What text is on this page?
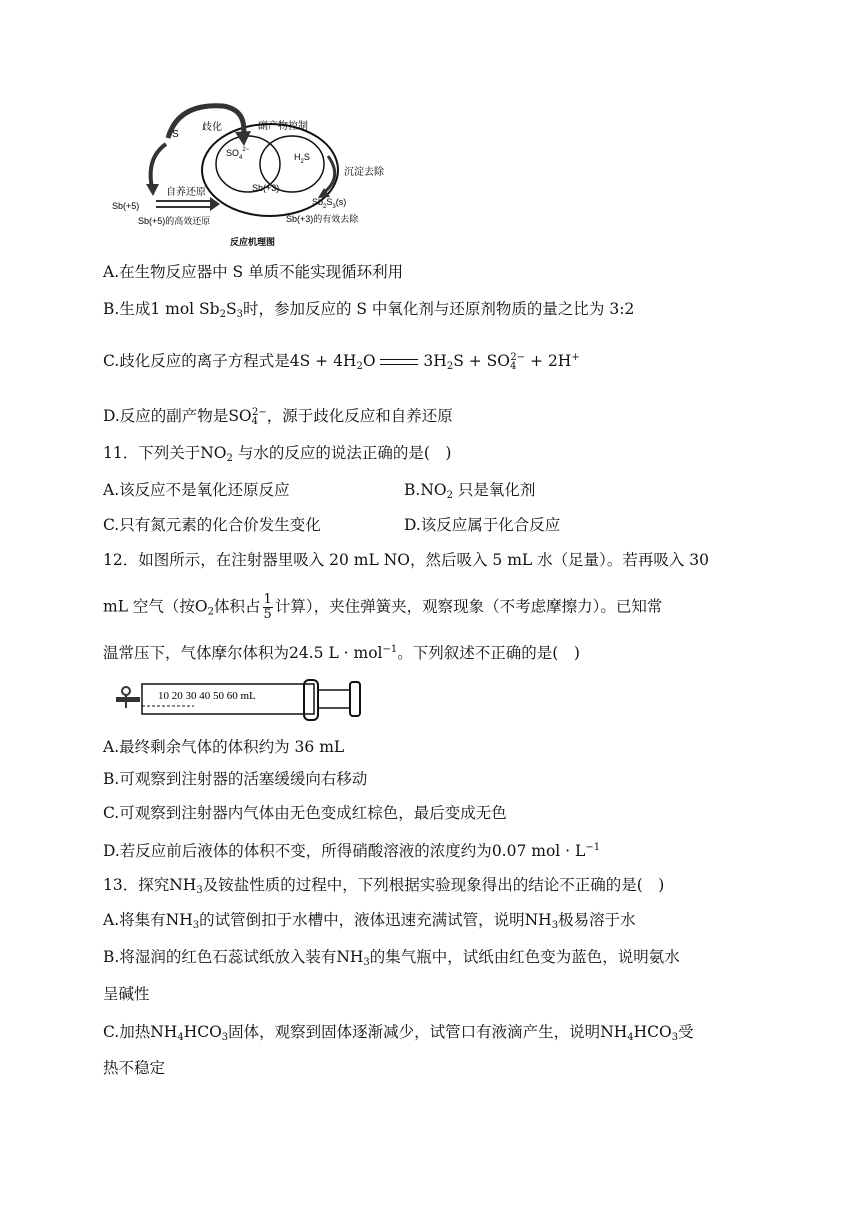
S
歧化	副产物控制
$SO_4^{2-}$
$H_2S$
Sb(+3)
Sb(+5)
自养还原
Sb(+5)的高效还原
沉淀去除
$Sb_2S_3(s)$
Sb(+3)的有效去除
反应机理图
A.在生物反应器中 S 单质不能实现循环利用
B.生成1 mol $Sb_2S_3$时，参加反应的 S 中氧化剂与还原剂物质的量之比为 3:2
C.歧化反应的离子方程式是$4S + 4H_2O$	$3H_2S + SO_4^{2-} + 2H^+$
D.反应的副产物是$SO_4^{2-}$，源于歧化反应和自养还原
11．下列关于$NO_2$ 与水的反应的说法正确的是(　)
A.该反应不是氧化还原反应	$B.NO_2$ 只是氧化剂
C.只有氮元素的化合价发生变化	D.该反应属于化合反应
12．如图所示，在注射器里吸入 20 mL NO，然后吸入 5 mL 水（足量）。若再吸入 30
mL 空气（按$O_2$体积占 $\frac{1}{5}$ 计算），夹住弹簧夹，观察现象（不考虑摩擦力）。已知常
温常压下，气体摩尔体积为24.5 L · mol$^{-1}$。下列叙述不正确的是(　)
10 20 30 40 50 60 mL
A.最终剩余气体的体积约为 36 mL
B.可观察到注射器的活塞缓缓向右移动
C.可观察到注射器内气体由无色变成红棕色，最后变成无色
D.若反应前后液体的体积不变，所得硝酸溶液的浓度约为0.07 mol · $L^{-1}$
13．探究$NH_3$及铵盐性质的过程中，下列根据实验现象得出的结论不正确的是(　)
A.将集有$NH_3$的试管倒扣于水槽中，液体迅速充满试管，说明$NH_3$极易溶于水
B.将湿润的红色石蕊试纸放入装有$NH_3$的集气瓶中，试纸由红色变为蓝色，说明氨水
呈碱性
C.加热$NH_4HCO_3$固体，观察到固体逐渐减少，试管口有液滴产生，说明$NH_4HCO_3$受
热不稳定
